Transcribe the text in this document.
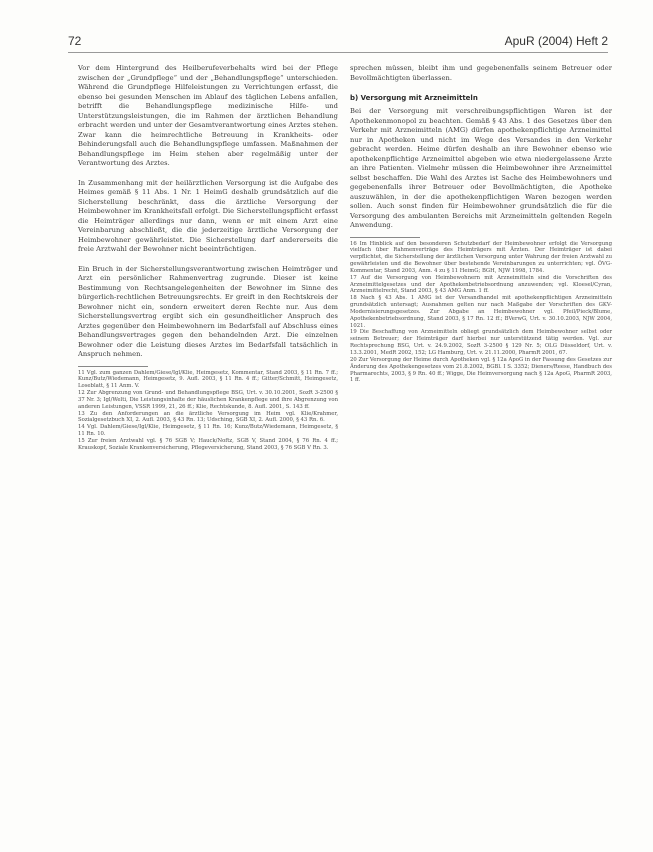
72	ApuR (2004) Heft 2

Vor dem Hintergrund des Heilberufeverbehalts wird bei der Pflege zwischen der „Grundpflege“ und der „Behandlungspflege“ unterschieden. Während die Grundpflege Hilfeleistungen zu Verrichtungen erfasst, die ebenso bei gesunden Menschen im Ablauf des täglichen Lebens anfallen, betrifft die Behandlungspflege medizinische Hilfe- und Unterstützungsleistungen, die im Rahmen der ärztlichen Behandlung erbracht werden und unter der Gesamtverantwortung eines Arztes stehen. Zwar kann die heimrechtliche Betreuung in Krankheits- oder Behinderungsfall auch die Behandlungspflege umfassen. Maßnahmen der Behandlungspflege im Heim stehen aber regelmäßig unter der Verantwortung des Arztes.

In Zusammenhang mit der heilärztlichen Versorgung ist die Aufgabe des Heimes gemäß § 11 Abs. 1 Nr. 1 HeimG deshalb grundsätzlich auf die Sicherstellung beschränkt, dass die ärztliche Versorgung der Heimbewohner im Krankheitsfall erfolgt. Die Sicherstellungspflicht erfasst die Heimträger allerdings nur dann, wenn er mit einem Arzt eine Vereinbarung abschließt, die die jederzeitige ärztliche Versorgung der Heimbewohner gewährleistet. Die Sicherstellung darf andererseits die freie Arztwahl der Bewohner nicht beeinträchtigen.

Ein Bruch in der Sicherstellungsverantwortung zwischen Heimträger und Arzt ein persönlicher Rahmenvertrag zugrunde. Dieser ist keine Bestimmung von Rechtsangelegenheiten der Bewohner im Sinne des bürgerlich-rechtlichen Betreuungsrechts. Er greift in den Rechtskreis der Bewohner nicht ein, sondern erweitert deren Rechte nur. Aus dem Sicherstellungsvertrag ergibt sich ein gesundheitlicher Anspruch des Arztes gegenüber den Heimbewohnern im Bedarfsfall auf Abschluss eines Behandlungsvertrages gegen den behandelnden Arzt. Die einzelnen Bewohner oder die Leistung dieses Arztes im Bedarfsfall tatsächlich in Anspruch nehmen.

11 Vgl. zum ganzen Dahlem/Giese/Igl/Klie, Heimgesetz, Kommentar, Stand 2003, § 11 Rn. 7 ff.; Kunz/Butz/Wiedemann, Heimgesetz, 9. Aufl. 2003, § 11 Rn. 4 ff.; Gitter/Schmitt, Heimgesetz, Loseblatt, § 11 Anm. V.

12 Zur Abgrenzung von Grund- und Behandlungspflege BSG, Urt. v. 30.10.2001, SozR 3-2500 § 37 Nr. 3; Igl/Welti, Die Leistungsinhalte der häuslichen Krankenpflege und ihre Abgrenzung von anderen Leistungen, VSSR 1999, 21, 26 ff.; Klie, Rechtskunde, 8. Aufl. 2001, S. 143 ff.

13 Zu den Anforderungen an die ärztliche Versorgung im Heim vgl. Klie/Krahmer, Sozialgesetzbuch XI, 2. Aufl. 2003, § 43 Rn. 13; Udsching, SGB XI, 2. Aufl. 2000, § 43 Rn. 6.

14 Vgl. Dahlem/Giese/Igl/Klie, Heimgesetz, § 11 Rn. 16; Kunz/Butz/Wiedemann, Heimgesetz, § 11 Rn. 10.

15 Zur freien Arztwahl vgl. § 76 SGB V; Hauck/Noftz, SGB V, Stand 2004, § 76 Rn. 4 ff.; Krauskopf, Soziale Krankenversicherung, Pflegeversicherung, Stand 2003, § 76 SGB V Rn. 3.

sprechen müssen, bleibt ihm und gegebenenfalls seinem Betreuer oder Bevollmächtigten überlassen.

b) Versorgung mit Arzneimitteln

Bei der Versorgung mit verschreibungspflichtigen Waren ist der Apothekenmonopol zu beachten. Gemäß § 43 Abs. 1 des Gesetzes über den Verkehr mit Arzneimitteln (AMG) dürfen apothekenpflichtige Arzneimittel nur in Apotheken und nicht im Wege des Versandes in den Verkehr gebracht werden. Heime dürfen deshalb an ihre Bewohner ebenso wie apothekenpflichtige Arzneimittel abgeben wie etwa niedergelassene Ärzte an ihre Patienten. Vielmehr müssen die Heimbewohner ihre Arzneimittel selbst beschaffen. Die Wahl des Arztes ist Sache des Heimbewohners und gegebenenfalls ihrer Betreuer oder Bevollmächtigten, die Apotheke auszuwählen, in der die apothekenpflichtigen Waren bezogen werden sollen. Auch sonst finden für Heimbewohner grundsätzlich die für die Versorgung des ambulanten Bereichs mit Arzneimitteln geltenden Regeln Anwendung.

16 Im Hinblick auf den besonderen Schutzbedarf der Heimbewohner erfolgt die Versorgung vielfach über Rahmenverträge des Heimträgers mit Ärzten. Der Heimträger ist dabei verpflichtet, die Sicherstellung der ärztlichen Versorgung unter Wahrung der freien Arztwahl zu gewährleisten und die Bewohner über bestehende Vereinbarungen zu unterrichten; vgl. ÖVG-Kommentar, Stand 2003, Anm. 4 zu § 11 HeimG; BGH, NJW 1998, 1784.

17 Auf die Versorgung von Heimbewohnern mit Arzneimitteln sind die Vorschriften des Arzneimittelgesetzes und der Apothekenbetriebsordnung anzuwenden; vgl. Kloesel/Cyran, Arzneimittelrecht, Stand 2003, § 43 AMG Anm. 1 ff.

18 Nach § 43 Abs. 1 AMG ist der Versandhandel mit apothekenpflichtigen Arzneimitteln grundsätzlich untersagt; Ausnahmen gelten nur nach Maßgabe der Vorschriften des GKV-Modernisierungsgesetzes. Zur Abgabe an Heimbewohner vgl. Pfeil/Pieck/Blume, Apothekenbetriebsordnung, Stand 2003, § 17 Rn. 12 ff.; BVerwG, Urt. v. 30.10.2003, NJW 2004, 1021.

19 Die Beschaffung von Arzneimitteln obliegt grundsätzlich dem Heimbewohner selbst oder seinem Betreuer; der Heimträger darf hierbei nur unterstützend tätig werden. Vgl. zur Rechtsprechung BSG, Urt. v. 24.9.2002, SozR 3-2500 § 129 Nr. 5; OLG Düsseldorf, Urt. v. 13.3.2001, MedR 2002, 152; LG Hamburg, Urt. v. 21.11.2000, PharmR 2001, 67.

20 Zur Versorgung der Heime durch Apotheken vgl. § 12a ApoG in der Fassung des Gesetzes zur Änderung des Apothekengesetzes vom 21.8.2002, BGBl. I S. 3352; Dieners/Reese, Handbuch des Pharmarechts, 2003, § 9 Rn. 40 ff.; Wigge, Die Heimversorgung nach § 12a ApoG, PharmR 2003, 1 ff.
